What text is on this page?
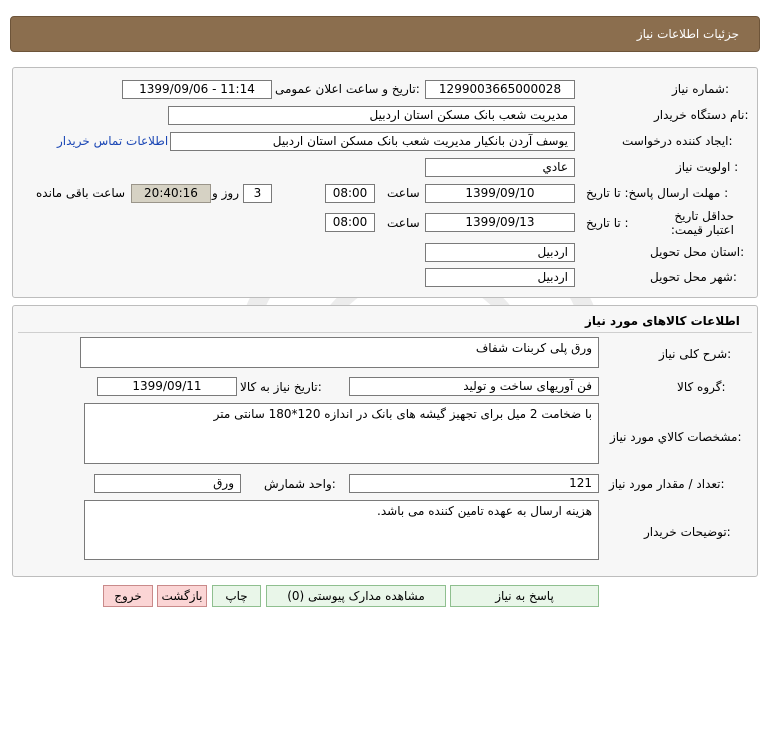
جزئیات اطلاعات نیاز
شماره نیاز:
1299003665000028
تاریخ و ساعت اعلان عمومی:
1399/09/06 - 11:14
نام دستگاه خریدار:
مدیریت شعب بانک مسکن استان اردبیل
ایجاد کننده درخواست:
یوسف آردن بانکیار مدیریت شعب بانک مسکن استان اردبیل
اطلاعات تماس خریدار
اولویت نیاز :
عادي
مهلت ارسال پاسخ: تا تاریخ :
1399/09/10
ساعت
08:00
3
روز و
20:40:16
ساعت باقی مانده
حداقل تاریخ اعتبار قیمت:
تا تاریخ :
1399/09/13
ساعت
08:00
استان محل تحویل:
اردبیل
شهر محل تحویل:
اردبیل
اطلاعات کالاهای مورد نیاز
شرح کلی نیاز:
ورق پلی کربنات شفاف
گروه کالا:
فن آوریهای ساخت و تولید
تاریخ نیاز به کالا:
1399/09/11
مشخصات کالاي مورد نياز:
با ضخامت 2 میل برای تجهیز گیشه های بانک در اندازه 120*180 سانتی متر
تعداد / مقدار مورد نیاز:
121
واحد شمارش:
ورق
توضیحات خریدار:
هزینه ارسال به عهده تامین کننده می باشد.
پاسخ به نیاز
مشاهده مدارک پیوستی (0)
چاپ
بازگشت
خروج
